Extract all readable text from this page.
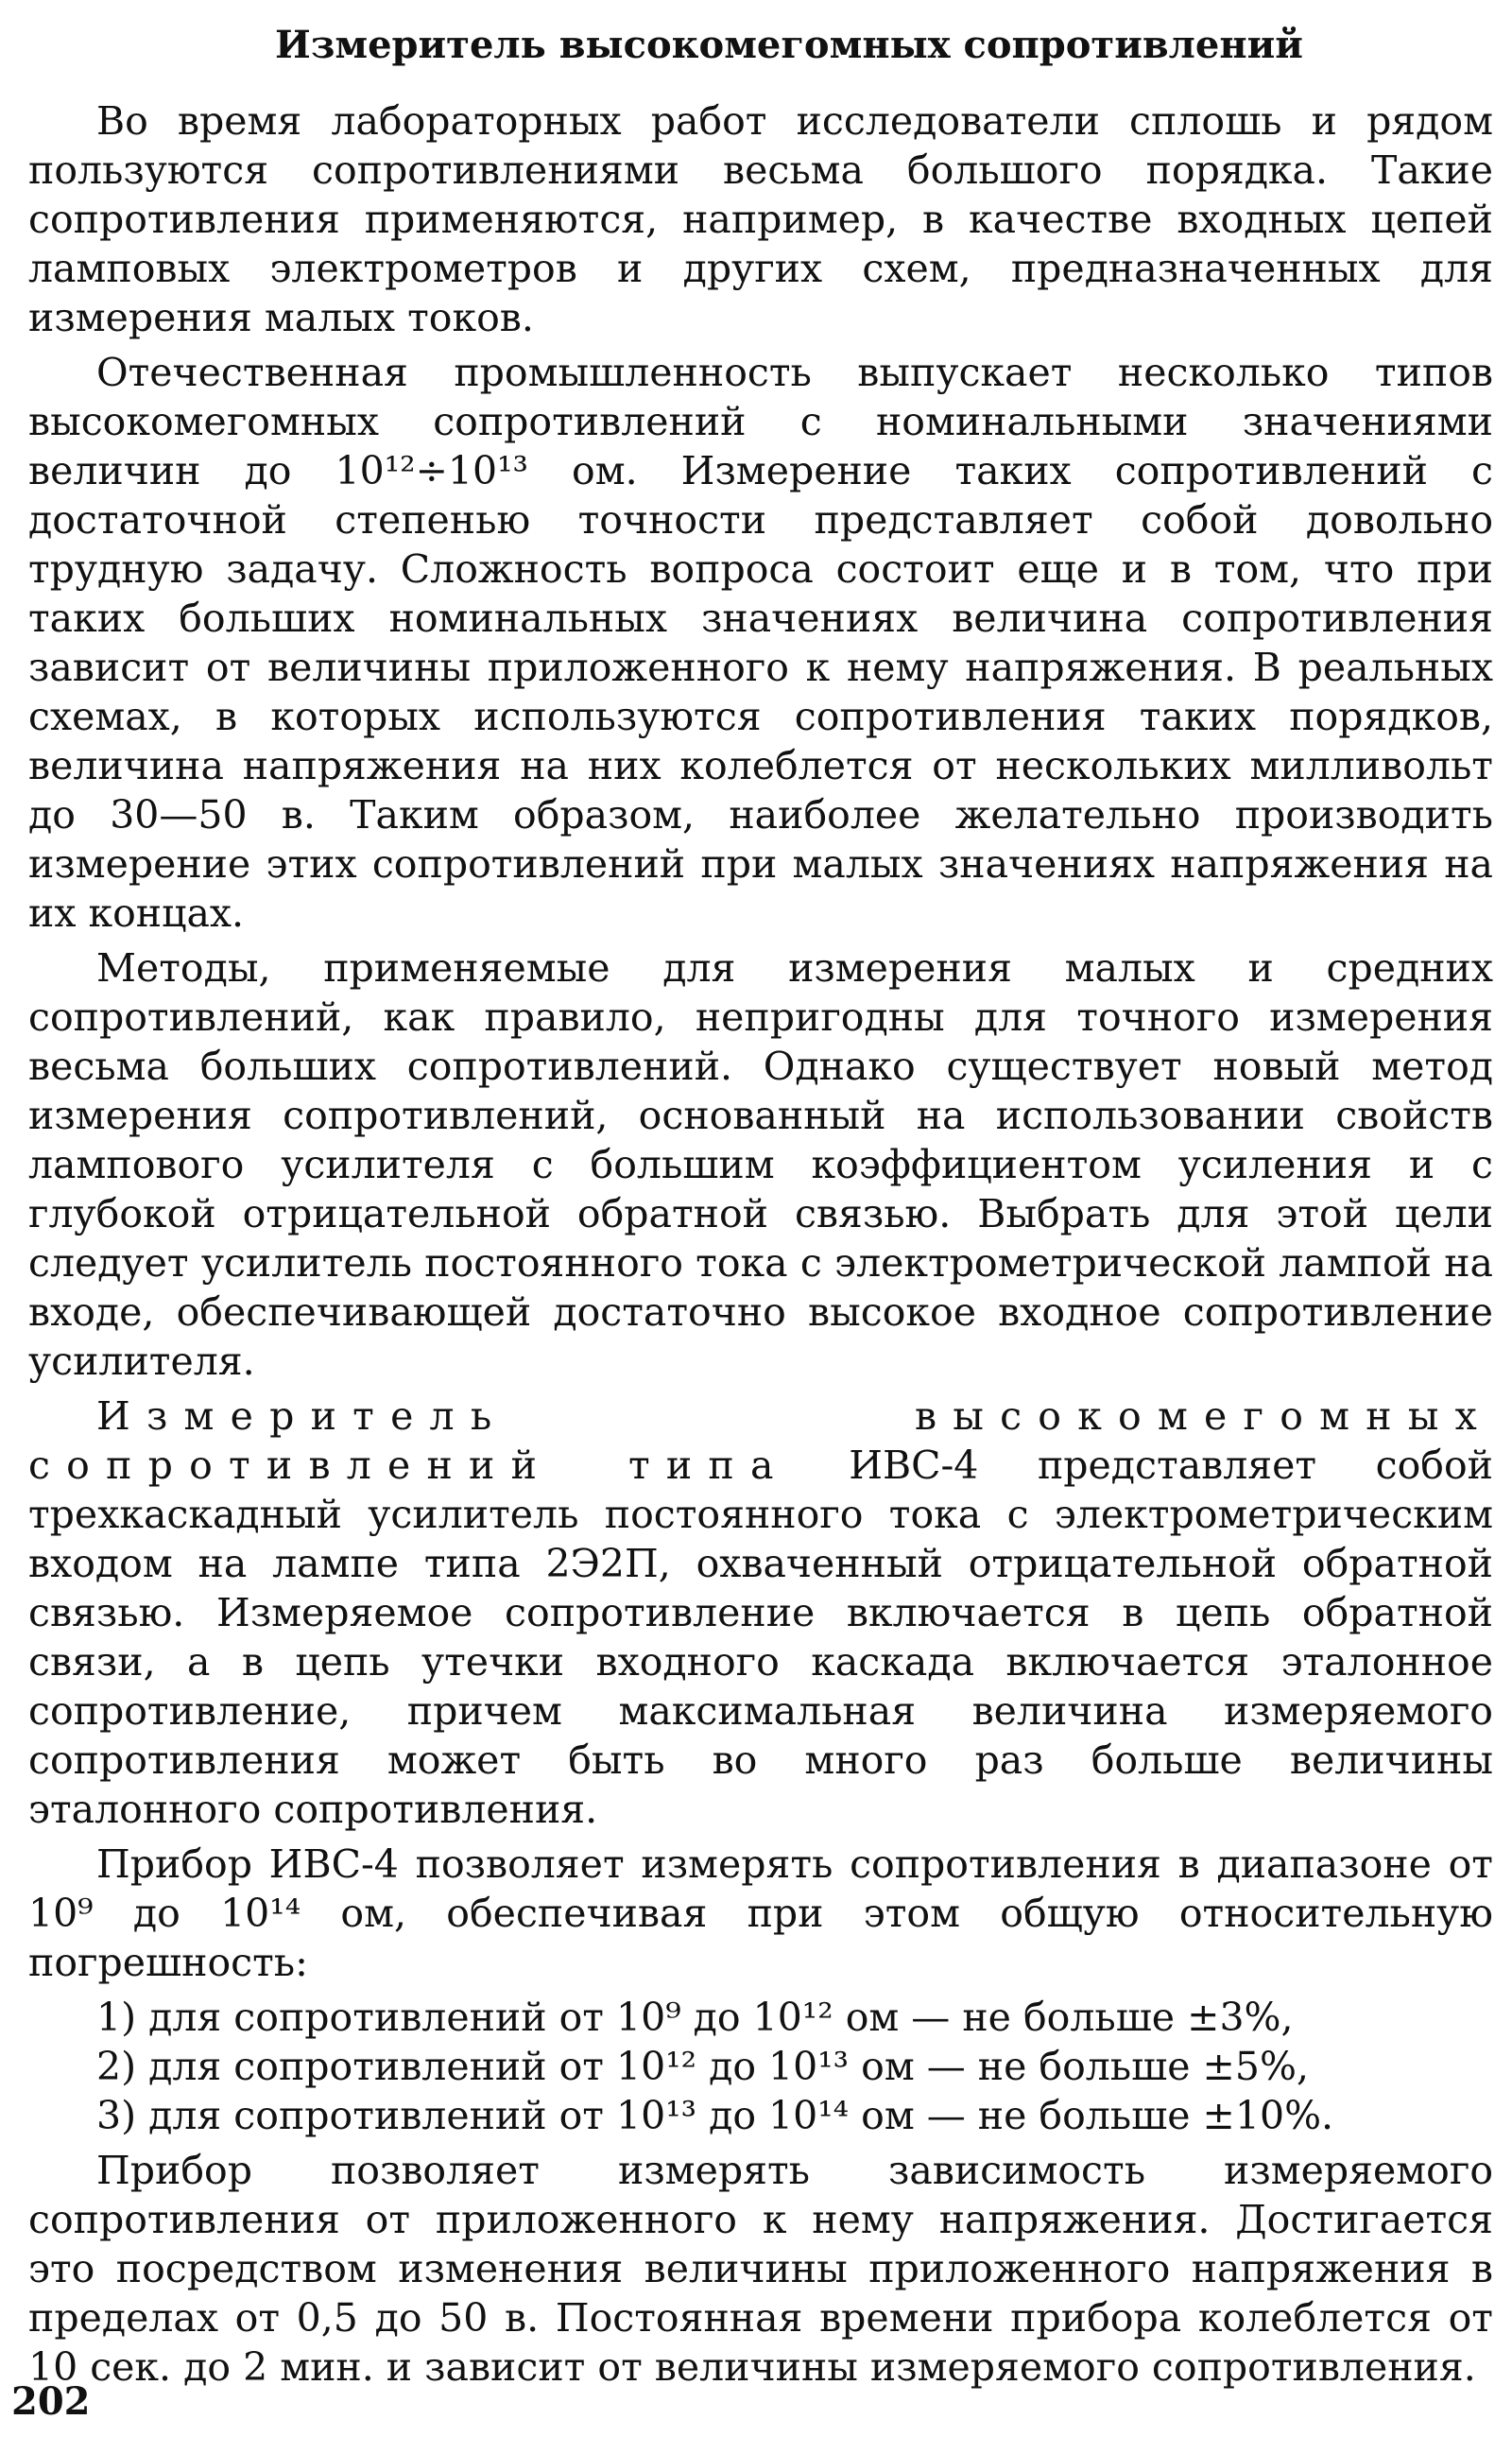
Измеритель высокомегомных сопротивлений

Во время лабораторных работ исследователи сплошь и рядом пользуются сопротивлениями весьма большого порядка. Такие сопротивления применяются, например, в качестве входных цепей ламповых электрометров и других схем, предназначенных для измерения малых токов.

Отечественная промышленность выпускает несколько типов высокомегомных сопротивлений с номинальными значениями величин до 10¹²÷10¹³ ом. Измерение таких сопротивлений с достаточной степенью точности представляет собой довольно трудную задачу. Сложность вопроса состоит еще и в том, что при таких больших номинальных значениях величина сопротивления зависит от величины приложенного к нему напряжения. В реальных схемах, в которых используются сопротивления таких порядков, величина напряжения на них колеблется от нескольких милливольт до 30—50 в. Таким образом, наиболее желательно производить измерение этих сопротивлений при малых значениях напряжения на их концах.

Методы, применяемые для измерения малых и средних сопротивлений, как правило, непригодны для точного измерения весьма больших сопротивлений. Однако существует новый метод измерения сопротивлений, основанный на использовании свойств лампового усилителя с большим коэффициентом усиления и с глубокой отрицательной обратной связью. Выбрать для этой цели следует усилитель постоянного тока с электрометрической лампой на входе, обеспечивающей достаточно высокое входное сопротивление усилителя.

Измеритель высокомегомных сопротивлений типа ИВС-4 представляет собой трехкаскадный усилитель постоянного тока с электрометрическим входом на лампе типа 2Э2П, охваченный отрицательной обратной связью. Измеряемое сопротивление включается в цепь обратной связи, а в цепь утечки входного каскада включается эталонное сопротивление, причем максимальная величина измеряемого сопротивления может быть во много раз больше величины эталонного сопротивления.

Прибор ИВС-4 позволяет измерять сопротивления в диапазоне от 10⁹ до 10¹⁴ ом, обеспечивая при этом общую относительную погрешность:

1) для сопротивлений от 10⁹ до 10¹² ом — не больше ±3%,
2) для сопротивлений от 10¹² до 10¹³ ом — не больше ±5%,
3) для сопротивлений от 10¹³ до 10¹⁴ ом — не больше ±10%.

Прибор позволяет измерять зависимость измеряемого сопротивления от приложенного к нему напряжения. Достигается это посредством изменения величины приложенного напряжения в пределах от 0,5 до 50 в. Постоянная времени прибора колеблется от 10 сек. до 2 мин. и зависит от величины измеряемого сопротивления.

202
